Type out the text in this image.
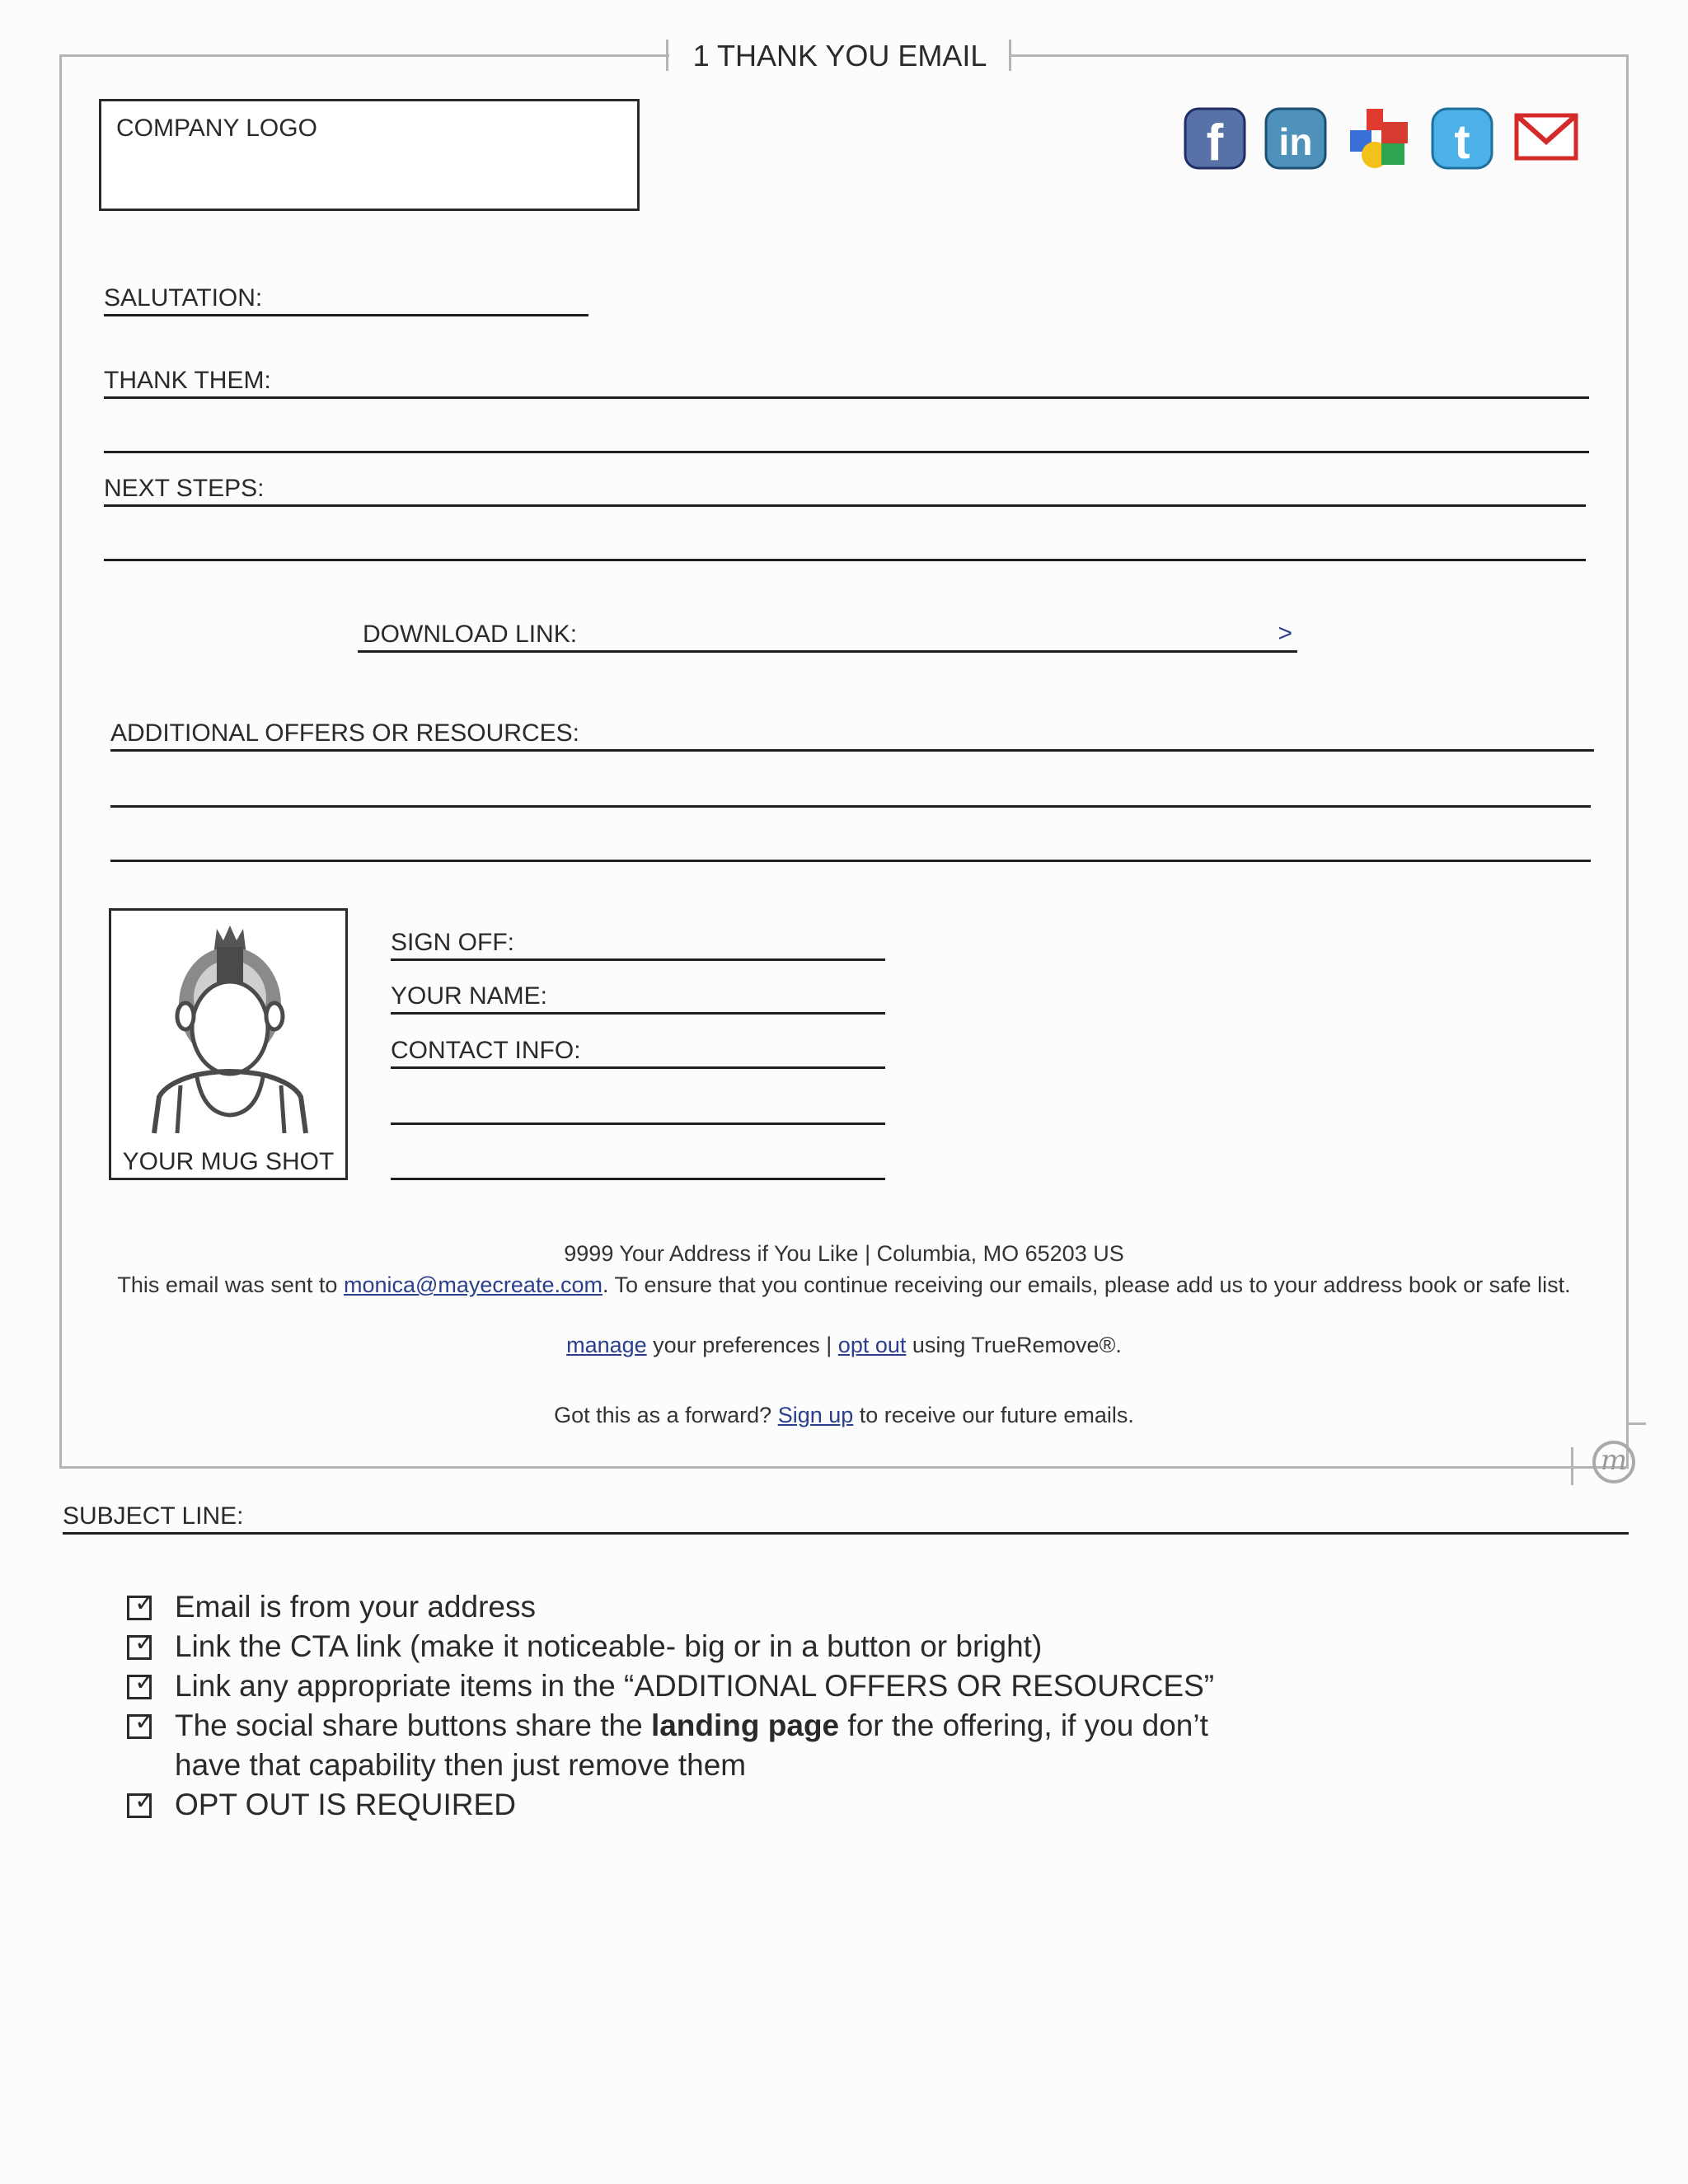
1 THANK YOU EMAIL
m
COMPANY LOGO	f in	t
SALUTATION:
THANK THEM:
NEXT STEPS:
DOWNLOAD LINK:	>
ADDITIONAL OFFERS OR RESOURCES:
YOUR MUG SHOT
SIGN OFF:
YOUR NAME:
CONTACT INFO:
9999 Your Address if You Like | Columbia, MO 65203 US
This email was sent to monica@mayecreate.com. To ensure that you continue receiving our emails, please add us to your address book or safe list.
manage your preferences | opt out using TrueRemove®.
Got this as a forward? Sign up to receive our future emails.
SUBJECT LINE:
✓ Email is from your address
✓ Link the CTA link (make it noticeable- big or in a button or bright)
✓ Link any appropriate items in the “ADDITIONAL OFFERS OR RESOURCES”
✓ The social share buttons share the landing page for the offering, if you don’t have that capability then just remove them
✓ OPT OUT IS REQUIRED
